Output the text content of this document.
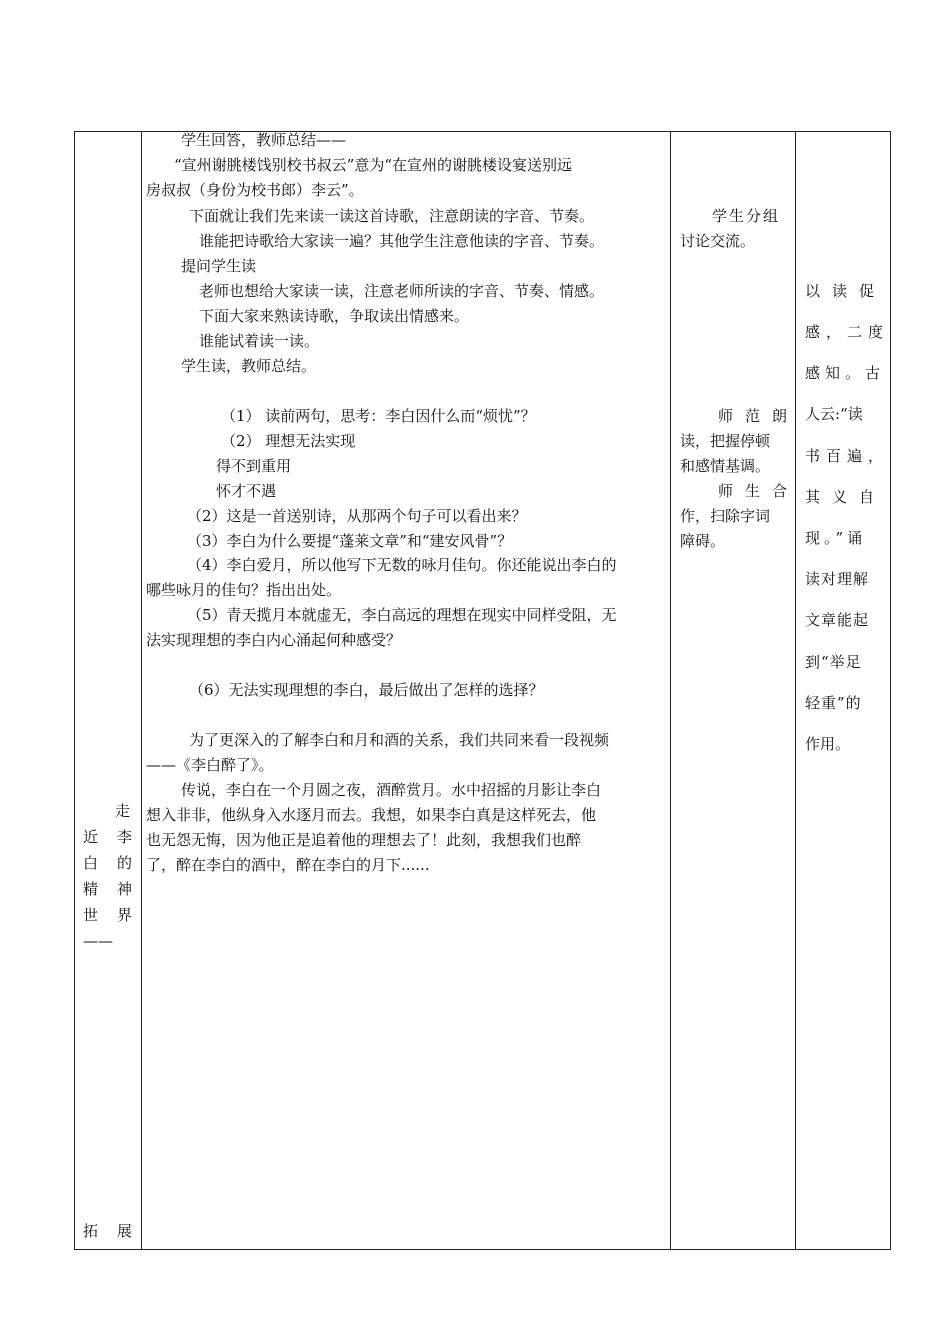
走
近李
白的
精神
世界
——
拓展
学生回答，教师总结——
“宣州谢朓楼饯别校书叔云”意为“在宣州的谢朓楼设宴送别远
房叔叔（身份为校书郎）李云”。
下面就让我们先来读一读这首诗歌，注意朗读的字音、节奏。
谁能把诗歌给大家读一遍？其他学生注意他读的字音、节奏。
提问学生读
老师也想给大家读一读，注意老师所读的字音、节奏、情感。
下面大家来熟读诗歌，争取读出情感来。
谁能试着读一读。
学生读，教师总结。
（1） 读前两句，思考：李白因什么而“烦忧”？
（2） 理想无法实现
得不到重用
怀才不遇
（2）这是一首送别诗，从那两个句子可以看出来？
（3）李白为什么要提“蓬莱文章”和“建安风骨”？
（4）李白爱月，所以他写下无数的咏月佳句。你还能说出李白的
哪些咏月的佳句？指出出处。
（5）青天揽月本就虚无，李白高远的理想在现实中同样受阻，无
法实现理想的李白内心涌起何种感受？
（6）无法实现理想的李白，最后做出了怎样的选择？
为了更深入的了解李白和月和酒的关系，我们共同来看一段视频
——《李白醉了》。
传说，李白在一个月圆之夜，酒醉赏月。水中招摇的月影让李白
想入非非，他纵身入水逐月而去。我想，如果李白真是这样死去，他
也无怨无悔，因为他正是追着他的理想去了！此刻，我想我们也醉
了，醉在李白的酒中，醉在李白的月下......
学生分组
讨论交流。
师范朗
读，把握停顿
和感情基调。
师生合
作，扫除字词
障碍。
以读促
感，二度
感知。古
人云:“读
书百遍，
其义自
现。”诵
读对理解
文章能起
到“举足
轻重”的
作用。
